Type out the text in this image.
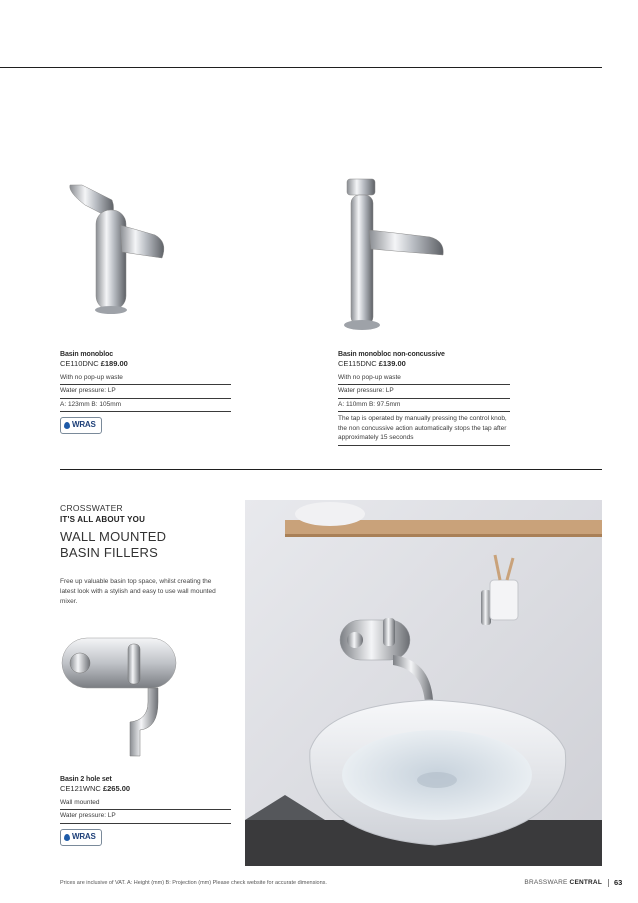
Basin monobloc
CE110DNC £189.00
With no pop-up waste
Water pressure: LP
A: 123mm B: 105mm
WRAS
Basin monobloc non-concussive
CE115DNC £139.00
With no pop-up waste
Water pressure: LP
A: 110mm B: 97.5mm
The tap is operated by manually pressing the control knob, the non concussive action automatically stops the tap after approximately 15 seconds
CROSSWATER
IT'S ALL ABOUT YOU
WALL MOUNTED
BASIN FILLERS
Free up valuable basin top space, whilst creating the latest look with a stylish and easy to use wall mounted mixer.
Basin 2 hole set
CE121WNC £265.00
Wall mounted
Water pressure: LP
WRAS
Prices are inclusive of VAT. A: Height (mm) B: Projection (mm) Please check website for accurate dimensions.	BRASSWARE CENTRAL 63
